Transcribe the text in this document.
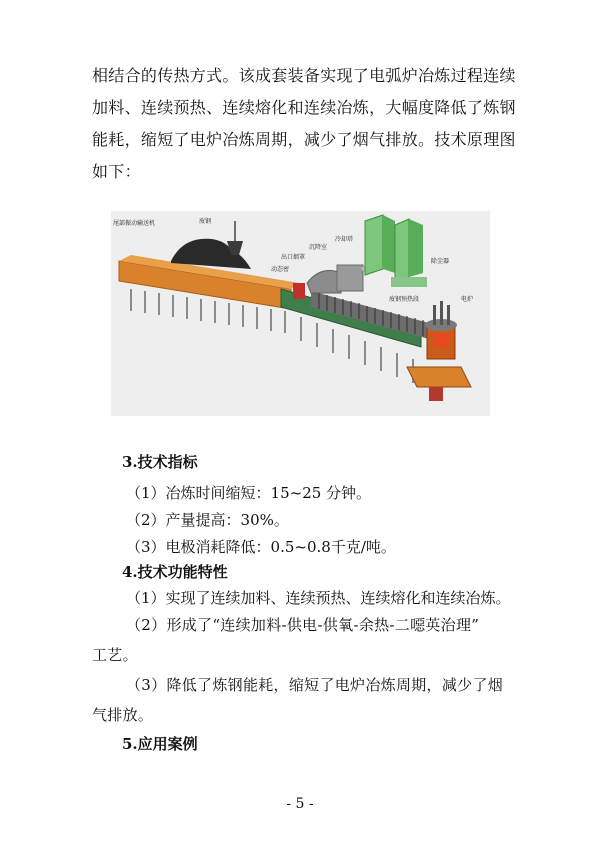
相结合的传热方式。该成套装备实现了电弧炉冶炼过程连续
加料、连续预热、连续熔化和连续冶炼，大幅度降低了炼钢
能耗，缩短了电炉冶炼周期，减少了烟气排放。技术原理图
如下：
尾部振动输送机	废钢
动态密
出口烟罩
沉降室
冷却塔
除尘器
废钢预热段	电炉
3.技术指标

（1）冶炼时间缩短：15~25 分钟。

（2）产量提高：30%。

（3）电极消耗降低：0.5~0.8千克/吨。

4.技术功能特性

（1）实现了连续加料、连续预热、连续熔化和连续冶炼。

（2）形成了“连续加料-供电-供氧-余热-二噁英治理”
工艺。
（3）降低了炼钢能耗，缩短了电炉冶炼周期，减少了烟
气排放。
5.应用案例
- 5 -
